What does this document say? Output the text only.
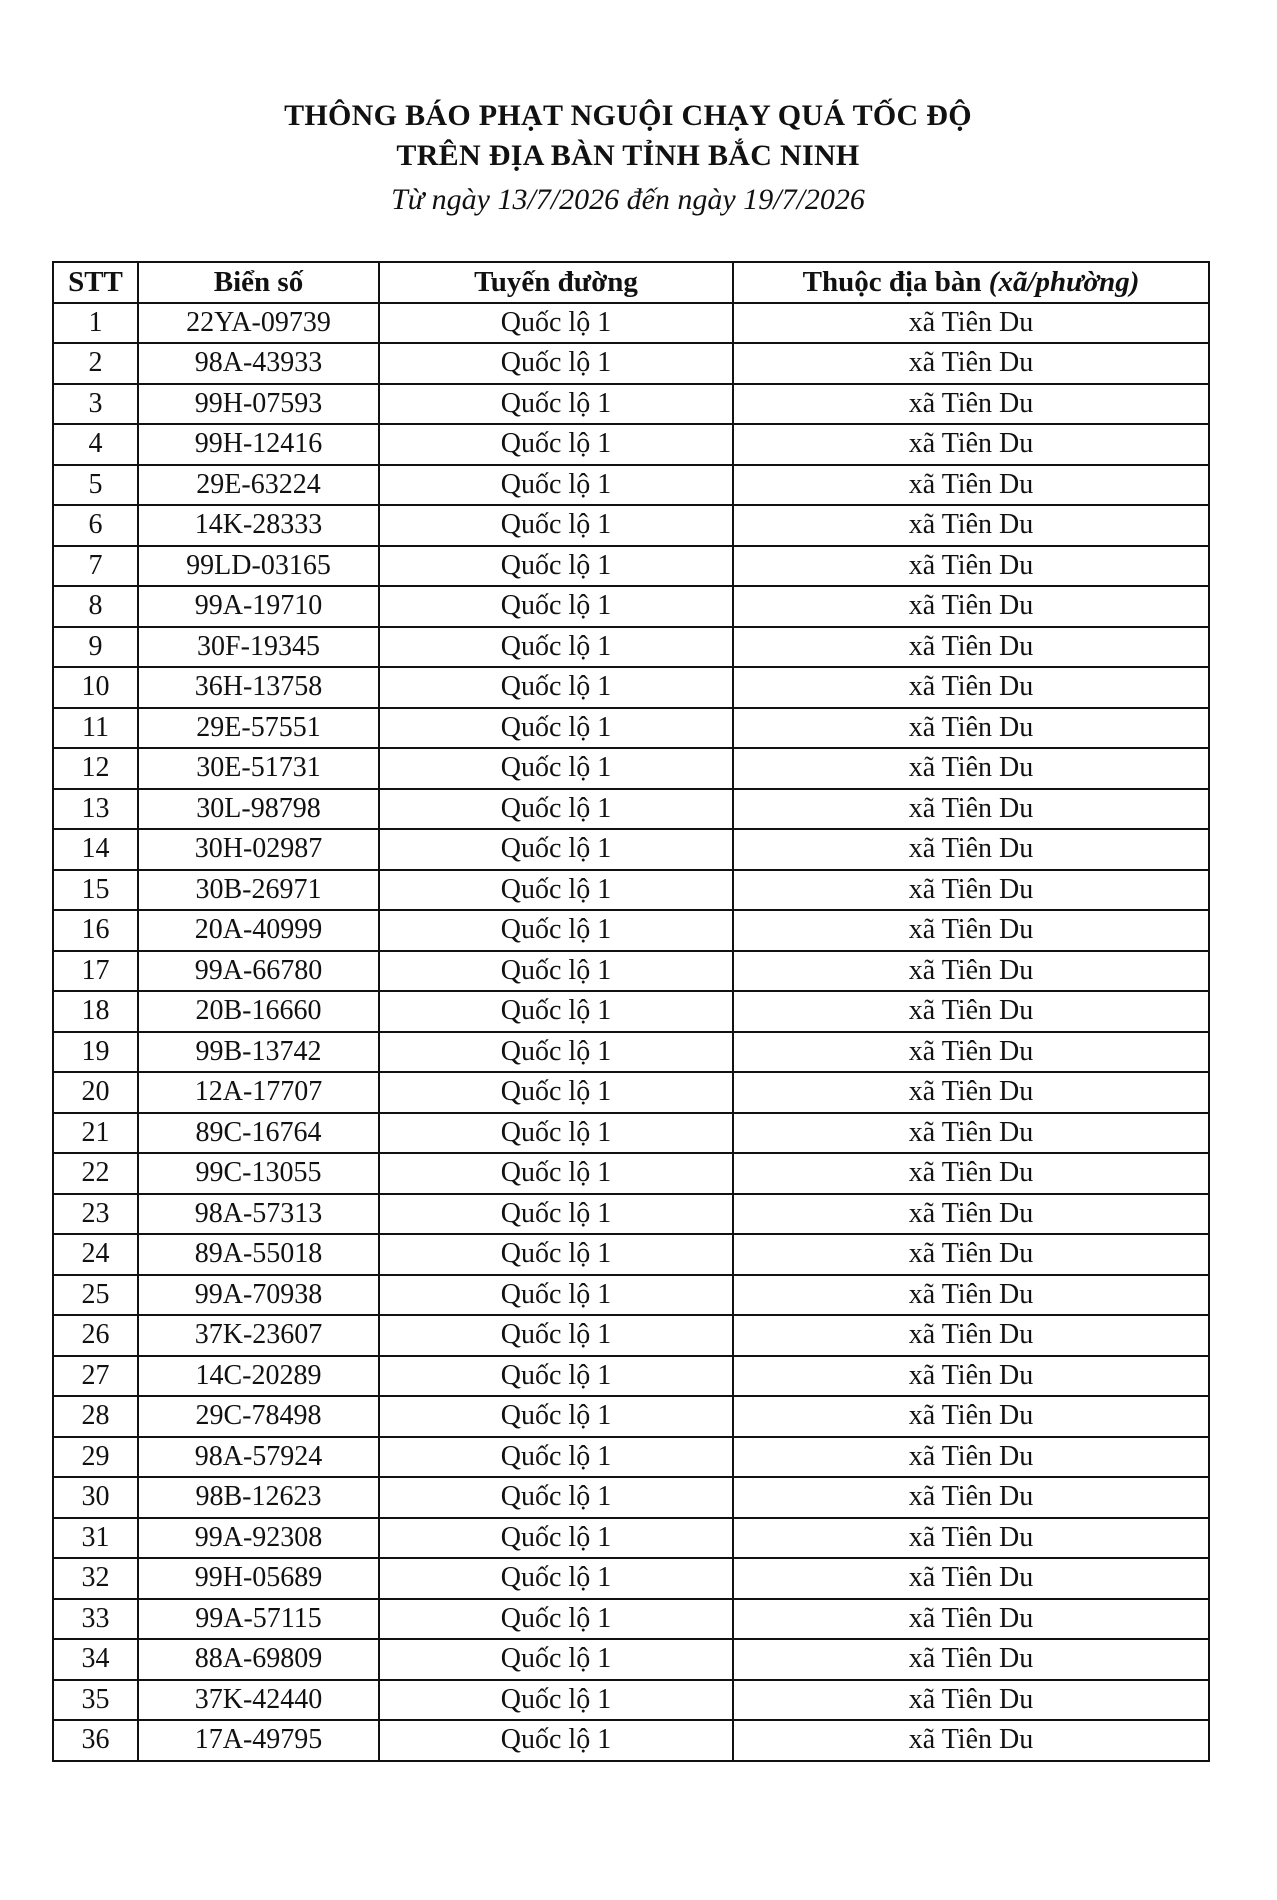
THÔNG BÁO PHẠT NGUỘI CHẠY QUÁ TỐC ĐỘ
TRÊN ĐỊA BÀN TỈNH BẮC NINH
Từ ngày 13/7/2026 đến ngày 19/7/2026
STT	Biển số	Tuyến đường	Thuộc địa bàn (xã/phường)
1	22YA-09739	Quốc lộ 1	xã Tiên Du
2	98A-43933	Quốc lộ 1	xã Tiên Du
3	99H-07593	Quốc lộ 1	xã Tiên Du
4	99H-12416	Quốc lộ 1	xã Tiên Du
5	29E-63224	Quốc lộ 1	xã Tiên Du
6	14K-28333	Quốc lộ 1	xã Tiên Du
7	99LD-03165	Quốc lộ 1	xã Tiên Du
8	99A-19710	Quốc lộ 1	xã Tiên Du
9	30F-19345	Quốc lộ 1	xã Tiên Du
10	36H-13758	Quốc lộ 1	xã Tiên Du
11	29E-57551	Quốc lộ 1	xã Tiên Du
12	30E-51731	Quốc lộ 1	xã Tiên Du
13	30L-98798	Quốc lộ 1	xã Tiên Du
14	30H-02987	Quốc lộ 1	xã Tiên Du
15	30B-26971	Quốc lộ 1	xã Tiên Du
16	20A-40999	Quốc lộ 1	xã Tiên Du
17	99A-66780	Quốc lộ 1	xã Tiên Du
18	20B-16660	Quốc lộ 1	xã Tiên Du
19	99B-13742	Quốc lộ 1	xã Tiên Du
20	12A-17707	Quốc lộ 1	xã Tiên Du
21	89C-16764	Quốc lộ 1	xã Tiên Du
22	99C-13055	Quốc lộ 1	xã Tiên Du
23	98A-57313	Quốc lộ 1	xã Tiên Du
24	89A-55018	Quốc lộ 1	xã Tiên Du
25	99A-70938	Quốc lộ 1	xã Tiên Du
26	37K-23607	Quốc lộ 1	xã Tiên Du
27	14C-20289	Quốc lộ 1	xã Tiên Du
28	29C-78498	Quốc lộ 1	xã Tiên Du
29	98A-57924	Quốc lộ 1	xã Tiên Du
30	98B-12623	Quốc lộ 1	xã Tiên Du
31	99A-92308	Quốc lộ 1	xã Tiên Du
32	99H-05689	Quốc lộ 1	xã Tiên Du
33	99A-57115	Quốc lộ 1	xã Tiên Du
34	88A-69809	Quốc lộ 1	xã Tiên Du
35	37K-42440	Quốc lộ 1	xã Tiên Du
36	17A-49795	Quốc lộ 1	xã Tiên Du
